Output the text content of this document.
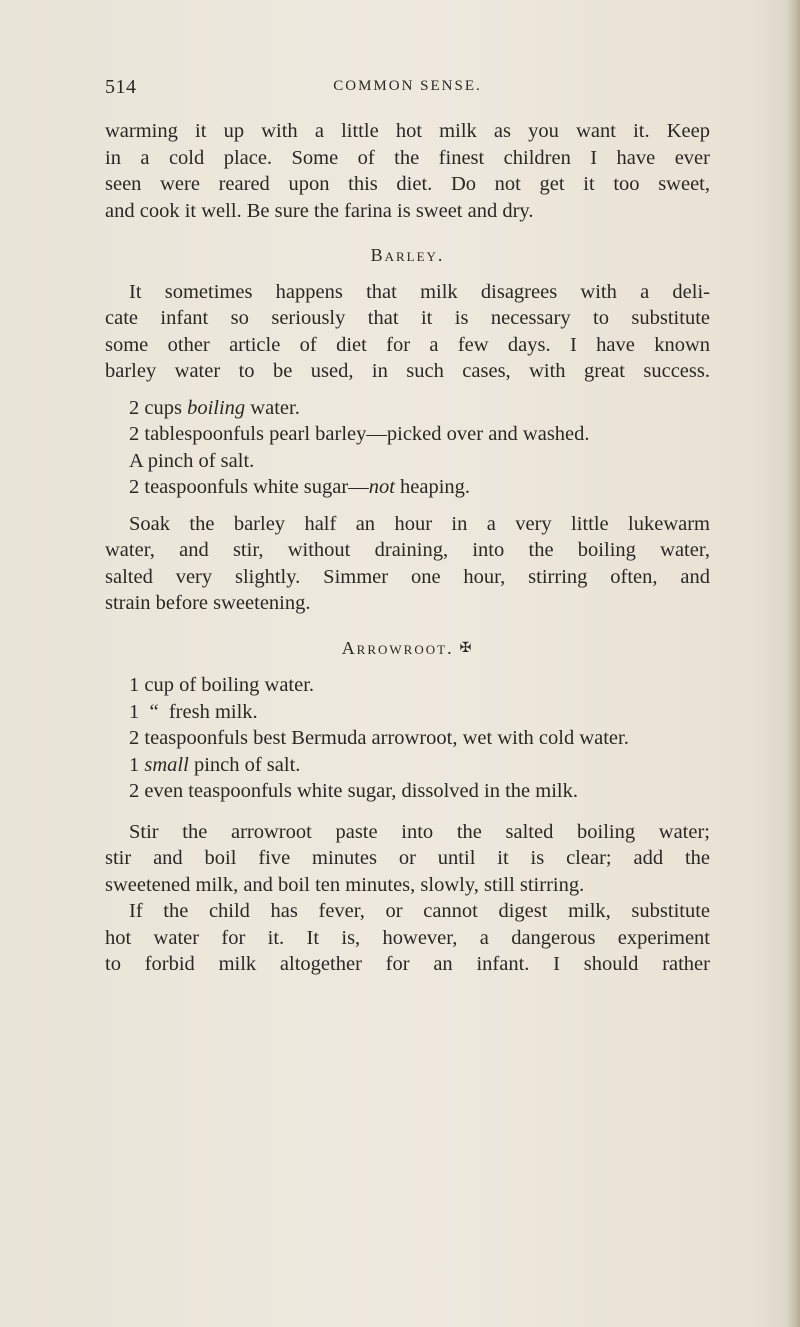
514	COMMON SENSE.

warming it up with a little hot milk as you want it. Keep
in a cold place. Some of the finest children I have ever
seen were reared upon this diet. Do not get it too sweet,
and cook it well. Be sure the farina is sweet and dry.

Barley.

It sometimes happens that milk disagrees with a deli-
cate infant so seriously that it is necessary to substitute
some other article of diet for a few days. I have known
barley water to be used, in such cases, with great success.

2 cups boiling water.
2 tablespoonfuls pearl barley—picked over and washed.
A pinch of salt.
2 teaspoonfuls white sugar—not heaping.

Soak the barley half an hour in a very little lukewarm
water, and stir, without draining, into the boiling water,
salted very slightly. Simmer one hour, stirring often, and
strain before sweetening.

Arrowroot. ✠
1 cup of boiling water.
1  “  fresh milk.
2 teaspoonfuls best Bermuda arrowroot, wet with cold water.
1 small pinch of salt.
2 even teaspoonfuls white sugar, dissolved in the milk.

Stir the arrowroot paste into the salted boiling water;
stir and boil five minutes or until it is clear; add the
sweetened milk, and boil ten minutes, slowly, still stirring.

If the child has fever, or cannot digest milk, substitute
hot water for it. It is, however, a dangerous experiment
to forbid milk altogether for an infant. I should rather
